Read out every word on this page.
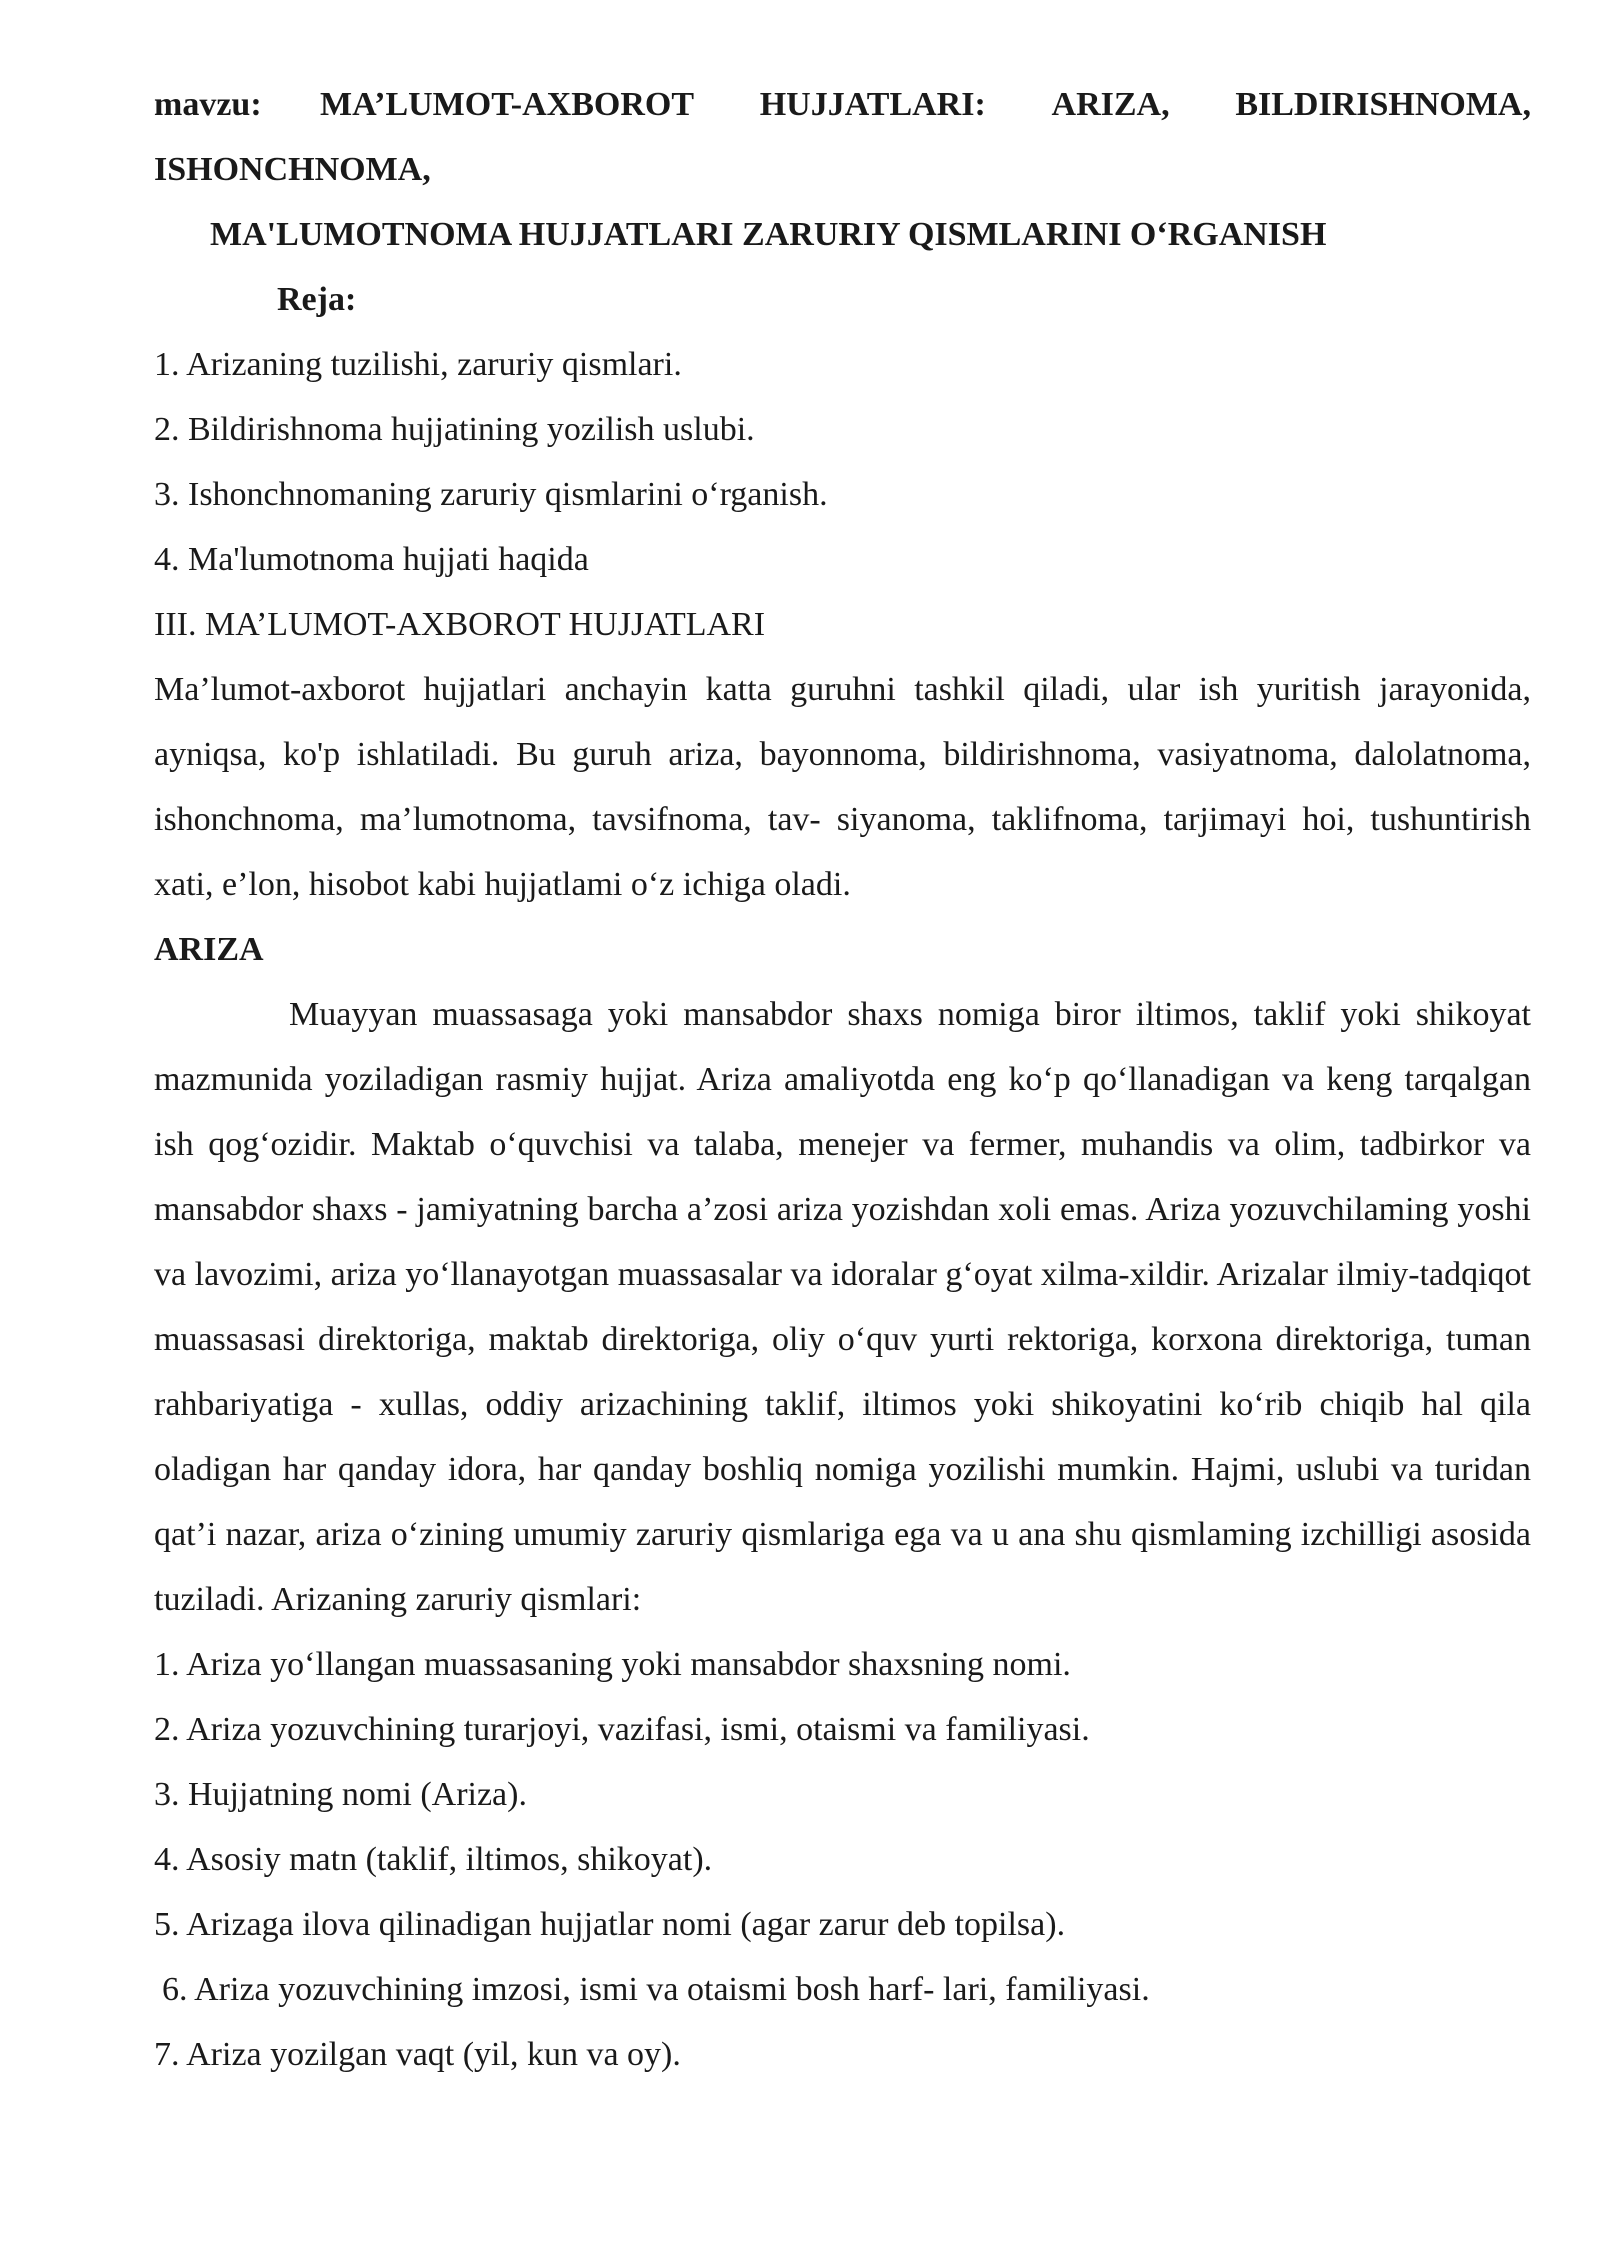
mavzu:	MA’LUMOT-AXBOROT HUJJATLARI: ARIZA, BILDIRISHNOMA,
ISHONCHNOMA,
MA'LUMOTNOMA HUJJATLARI ZARURIY QISMLARINI O‘RGANISH
Reja:
1. Arizaning tuzilishi, zaruriy qismlari.
2. Bildirishnoma hujjatining yozilish uslubi.
3. Ishonchnomaning zaruriy qismlarini o‘rganish.
4. Ma'lumotnoma hujjati haqida
III. MA’LUMOT-AXBOROT HUJJATLARI

Ma’lumot-axborot hujjatlari anchayin katta guruhni tashkil qiladi, ular ish yuritish jarayonida, ayniqsa, ko'p ishlatiladi. Bu guruh ariza, bayonnoma, bildirishnoma, vasiyatnoma, dalolatnoma, ishonchnoma, ma’lumotnoma, tavsifnoma, tav- siyanoma, taklifnoma, tarjimayi hoi, tushuntirish xati, e’lon, hisobot kabi hujjatlami o‘z ichiga oladi.

ARIZA

Muayyan muassasaga yoki mansabdor shaxs nomiga biror iltimos, taklif yoki shikoyat mazmunida yoziladigan rasmiy hujjat. Ariza amaliyotda eng ko‘p qo‘llanadigan va keng tarqalgan ish qog‘ozidir. Maktab o‘quvchisi va talaba, menejer va fermer, muhandis va olim, tadbirkor va mansabdor shaxs - jamiyatning barcha a’zosi ariza yozishdan xoli emas. Ariza yozuvchilaming yoshi va lavozimi, ariza yo‘llanayotgan muassasalar va idoralar g‘oyat xilma-xildir. Arizalar ilmiy-tadqiqot muassasasi direktoriga, maktab direktoriga, oliy o‘quv yurti rektoriga, korxona direktoriga, tuman rahbariyatiga - xullas, oddiy arizachining taklif, iltimos yoki shikoyatini ko‘rib chiqib hal qila oladigan har qanday idora, har qanday boshliq nomiga yozilishi mumkin. Hajmi, uslubi va turidan qat’i nazar, ariza o‘zining umumiy zaruriy qismlariga ega va u ana shu qismlaming izchilligi asosida tuziladi. Arizaning zaruriy qismlari:

1. Ariza yo‘llangan muassasaning yoki mansabdor shaxsning nomi.
2. Ariza yozuvchining turarjoyi, vazifasi, ismi, otaismi va familiyasi.
3. Hujjatning nomi (Ariza).
4. Asosiy matn (taklif, iltimos, shikoyat).
5. Arizaga ilova qilinadigan hujjatlar nomi (agar zarur deb topilsa).
6. Ariza yozuvchining imzosi, ismi va otaismi bosh harf- lari, familiyasi.
7. Ariza yozilgan vaqt (yil, kun va oy).
